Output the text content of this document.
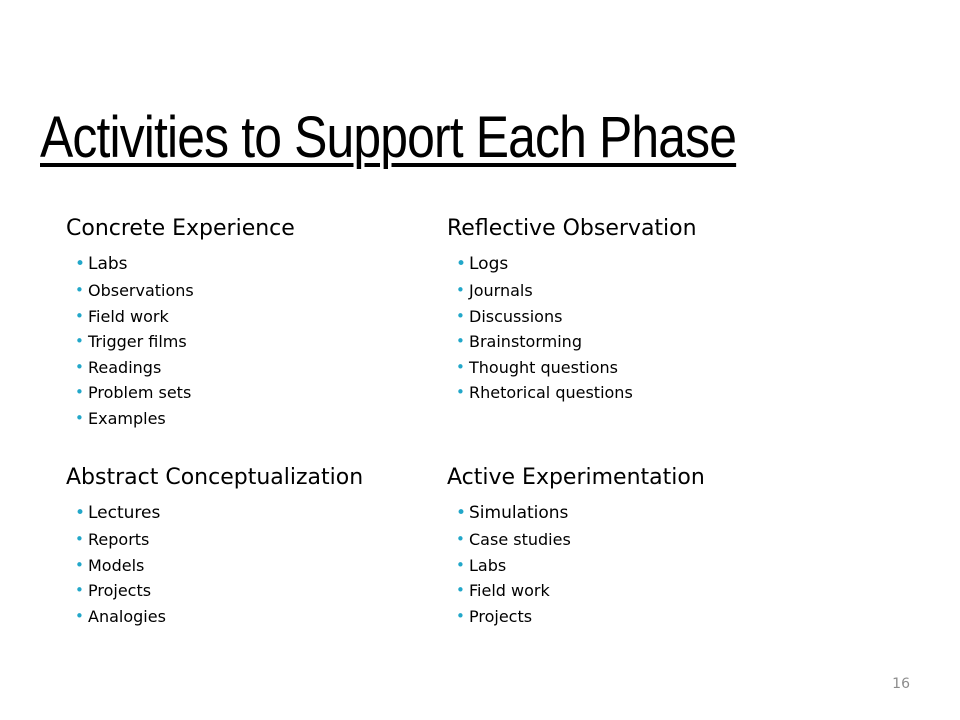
Activities to Support Each Phase
Concrete Experience
• Labs
• Observations
• Field work
• Trigger films
• Readings
• Problem sets
• Examples
Reflective Observation
• Logs
• Journals
• Discussions
• Brainstorming
• Thought questions
• Rhetorical questions
Abstract Conceptualization
• Lectures
• Reports
• Models
• Projects
• Analogies
Active Experimentation
• Simulations
• Case studies
• Labs
• Field work
• Projects
16
